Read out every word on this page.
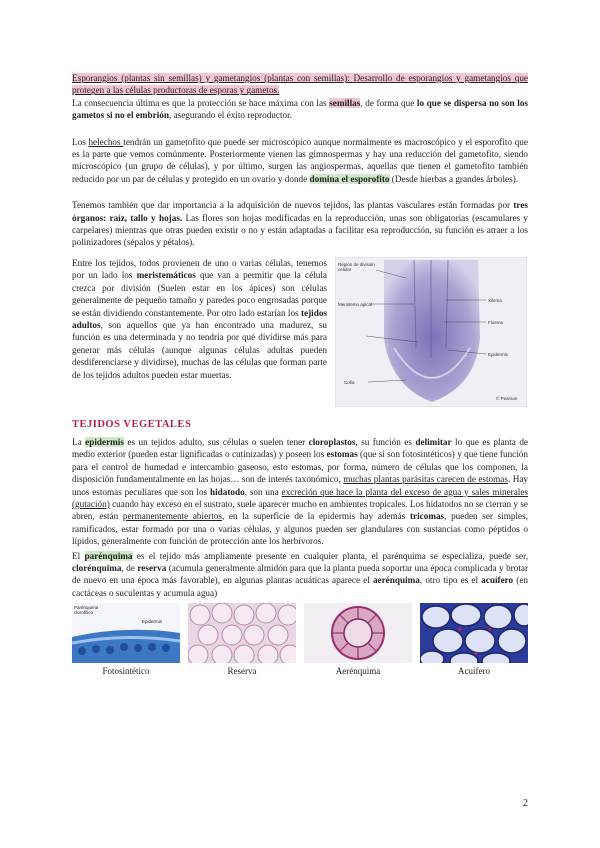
Esporangios (plantas sin semillas) y gametangios (plantas con semillas): Desarrollo de esporangios y gametangios que protegen a las células productoras de esporas y gametos.

La consecuencia última es que la protección se hace máxima con las semillas, de forma que lo que se dispersa no son los gametos si no el embrión, asegurando el éxito reproductor.

Los helechos tendrán un gametofito que puede ser microscópico aunque normalmente es macroscópico y el esporofito que es la parte que vemos comúnmente. Posteriormente vienen las gimnospermas y hay una reducción del gametofito, siendo microscópico (un grupo de células), y por último, surgen las angiospermas, aquellas que tienen el gametofito también reducido por un par de células y protegido en un ovario y donde domina el esporofito (Desde hierbas a grandes árboles).

Tenemos también que dar importancia a la adquisición de nuevos tejidos, las plantas vasculares están formadas por tres órganos: raíz, tallo y hojas. Las flores son hojas modificadas en la reproducción, unas son obligatorias (escamulares y carpelares) mientras que otras pueden existir o no y están adaptadas a facilitar esa reproducción, su función es atraer a los polinizadores (sépalos y pétalos).

Entre los tejidos, todos provienen de uno o varias células, tenemos por un lado los meristemáticos que van a permitir que la célula crezca por división (Suelen estar en los ápices) son células generalmente de pequeño tamaño y paredes poco engrosadas porque se están dividiendo constantemente. Por otro lado estarían los tejidos adultos, son aquellos que ya han encontrado una madurez, su función es una determinada y no tendría por qué dividirse más para generar más células (aunque algunas células adultas pueden desdiferenciarse y dividirse), muchas de las células que forman parte de los tejidos adultos pueden estar muertas.

Región de división celular
Meristemo apical
Xilema
Floema
Epidermis
Cofia
© Pearson
TEJIDOS VEGETALES

La epidermis es un tejidos adulto, sus células o suelen tener cloroplastos, su función es delimitar lo que es planta de medio exterior (pueden estar lignificadas o cutinizadas) y poseen los estomas (que si son fotosintéticos) y que tiene función para el control de humedad e intercambio gaseoso, esto estomas, por forma, número de células que los componen, la disposición fundamentalmente en las hojas… son de interés taxonómico, muchas plantas parásitas carecen de estomas. Hay unos estomas peculiares que son los hidatodo, son una excreción que hace la planta del exceso de agua y sales minerales (gutación) cuando hay exceso en el sustrato, suele aparecer mucho en ambientes tropicales. Los hidatodos no se cierran y se abren, están permanentemente abiertos, en la superficie de la epidermis hay además tricomas, pueden ser simples, ramificados, estar formado por una o varias células, y algunos pueden ser glandulares con sustancias como péptidos o lípidos, generalmente con función de protección ante los herbívoros.

El parénquima es el tejido más ampliamente presente en cualquier planta, el parénquima se especializa, puede ser, clorénquima, de reserva (acumula generalmente almidón para que la planta pueda soportar una época complicada y brotar de nuevo en una época más favorable), en algunas plantas acuáticas aparece el aerénquima, otro tipo es el acuífero (en cactáceas o suculentas y acumula agua)

Parénquima clorofílico
Epidermis
Fotosintético	Reserva	Aerénquima	Acuífero
2
